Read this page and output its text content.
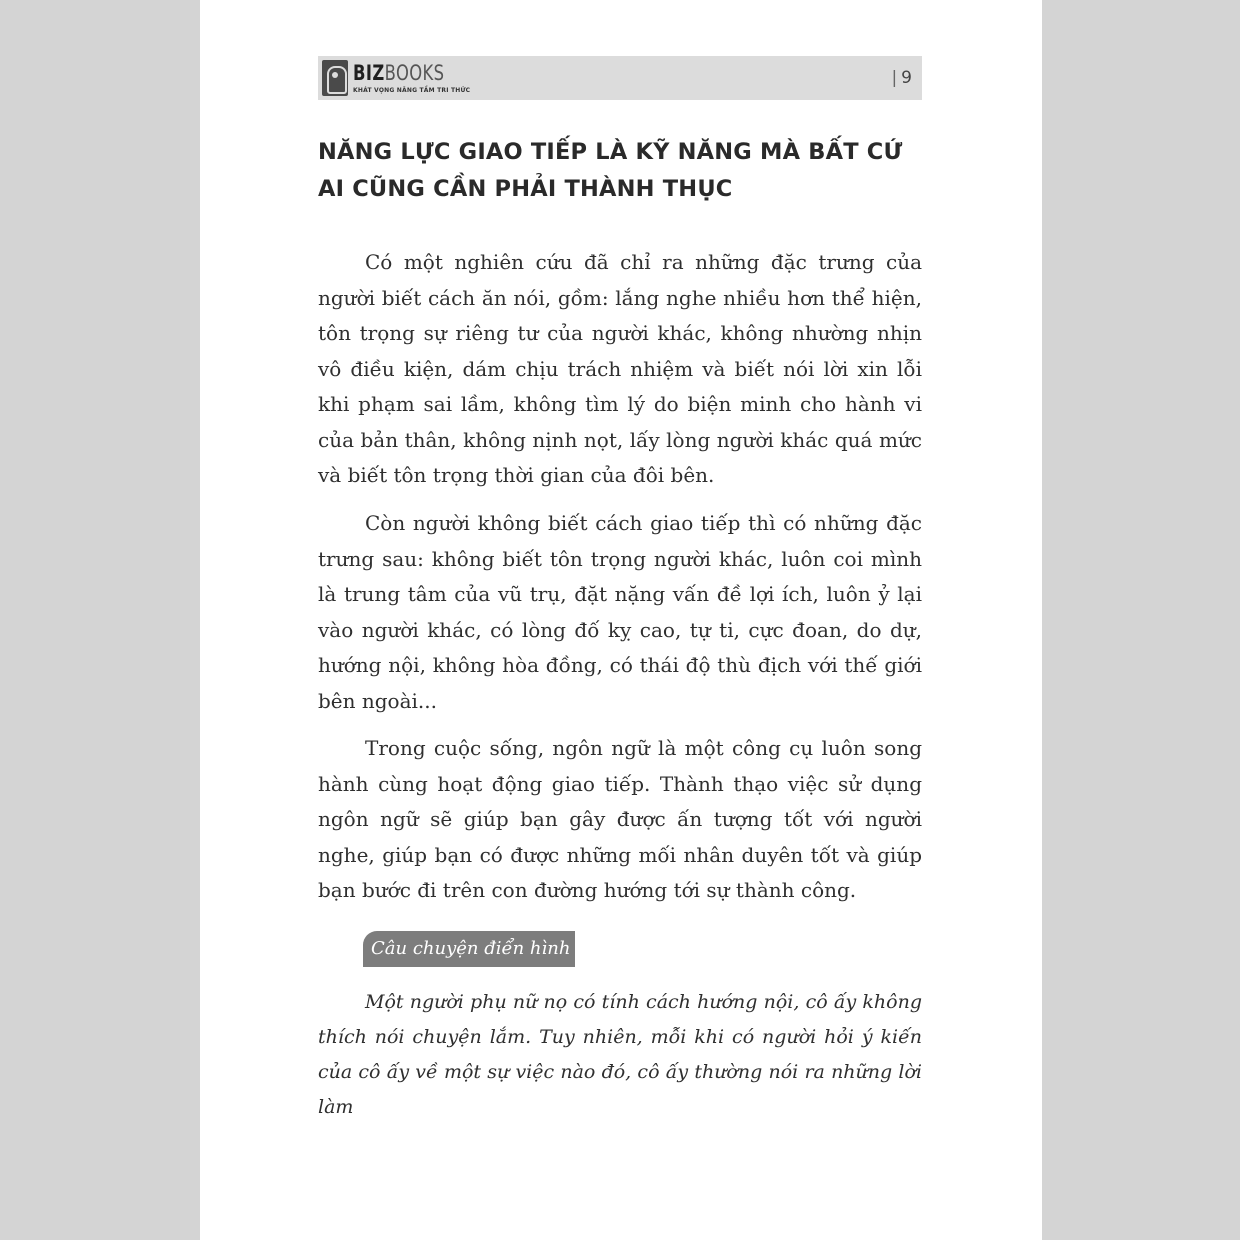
BIZBOOKS
KHÁT VỌNG NÂNG TẦM TRI THỨC
| 9
NĂNG LỰC GIAO TIẾP LÀ KỸ NĂNG MÀ BẤT CỨ AI CŨNG CẦN PHẢI THÀNH THỤC

Có một nghiên cứu đã chỉ ra những đặc trưng của người biết cách ăn nói, gồm: lắng nghe nhiều hơn thể hiện, tôn trọng sự riêng tư của người khác, không nhường nhịn vô điều kiện, dám chịu trách nhiệm và biết nói lời xin lỗi khi phạm sai lầm, không tìm lý do biện minh cho hành vi của bản thân, không nịnh nọt, lấy lòng người khác quá mức và biết tôn trọng thời gian của đôi bên.

Còn người không biết cách giao tiếp thì có những đặc trưng sau: không biết tôn trọng người khác, luôn coi mình là trung tâm của vũ trụ, đặt nặng vấn đề lợi ích, luôn ỷ lại vào người khác, có lòng đố kỵ cao, tự ti, cực đoan, do dự, hướng nội, không hòa đồng, có thái độ thù địch với thế giới bên ngoài...

Trong cuộc sống, ngôn ngữ là một công cụ luôn song hành cùng hoạt động giao tiếp. Thành thạo việc sử dụng ngôn ngữ sẽ giúp bạn gây được ấn tượng tốt với người nghe, giúp bạn có được những mối nhân duyên tốt và giúp bạn bước đi trên con đường hướng tới sự thành công.

Câu chuyện điển hình

Một người phụ nữ nọ có tính cách hướng nội, cô ấy không thích nói chuyện lắm. Tuy nhiên, mỗi khi có người hỏi ý kiến của cô ấy về một sự việc nào đó, cô ấy thường nói ra những lời làm
